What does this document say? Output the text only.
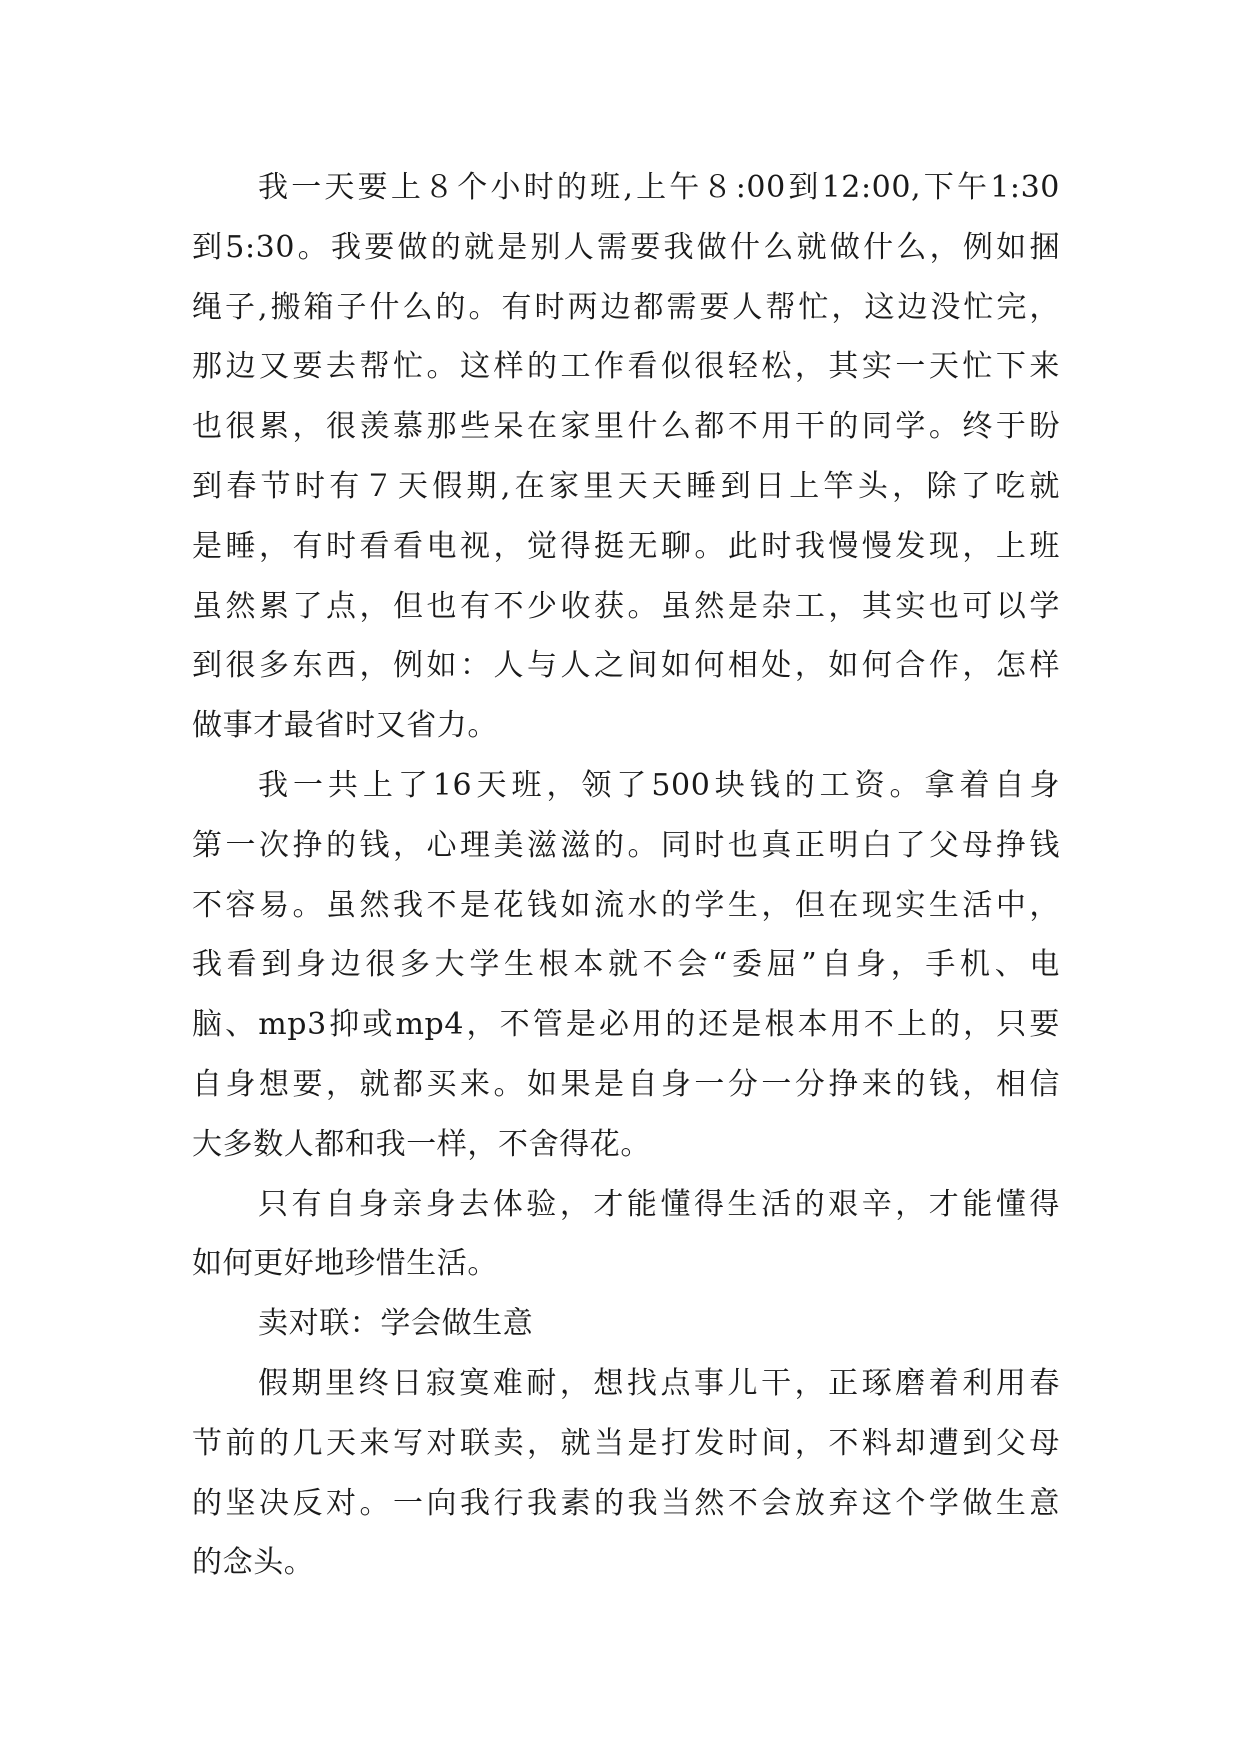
我一天要上８个小时的班,上午８:00到12:00,下午1:30
到5:30。我要做的就是别人需要我做什么就做什么，例如捆
绳子,搬箱子什么的。有时两边都需要人帮忙，这边没忙完，
那边又要去帮忙。这样的工作看似很轻松，其实一天忙下来
也很累，很羡慕那些呆在家里什么都不用干的同学。终于盼
到春节时有７天假期,在家里天天睡到日上竿头，除了吃就
是睡，有时看看电视，觉得挺无聊。此时我慢慢发现，上班
虽然累了点，但也有不少收获。虽然是杂工，其实也可以学
到很多东西，例如：人与人之间如何相处，如何合作，怎样
做事才最省时又省力。
我一共上了16天班，领了500块钱的工资。拿着自身
第一次挣的钱，心理美滋滋的。同时也真正明白了父母挣钱
不容易。虽然我不是花钱如流水的学生，但在现实生活中，
我看到身边很多大学生根本就不会“委屈”自身，手机、电
脑、mp3抑或mp4，不管是必用的还是根本用不上的，只要
自身想要，就都买来。如果是自身一分一分挣来的钱，相信
大多数人都和我一样，不舍得花。
只有自身亲身去体验，才能懂得生活的艰辛，才能懂得
如何更好地珍惜生活。
卖对联：学会做生意
假期里终日寂寞难耐，想找点事儿干，正琢磨着利用春
节前的几天来写对联卖，就当是打发时间，不料却遭到父母
的坚决反对。一向我行我素的我当然不会放弃这个学做生意
的念头。
